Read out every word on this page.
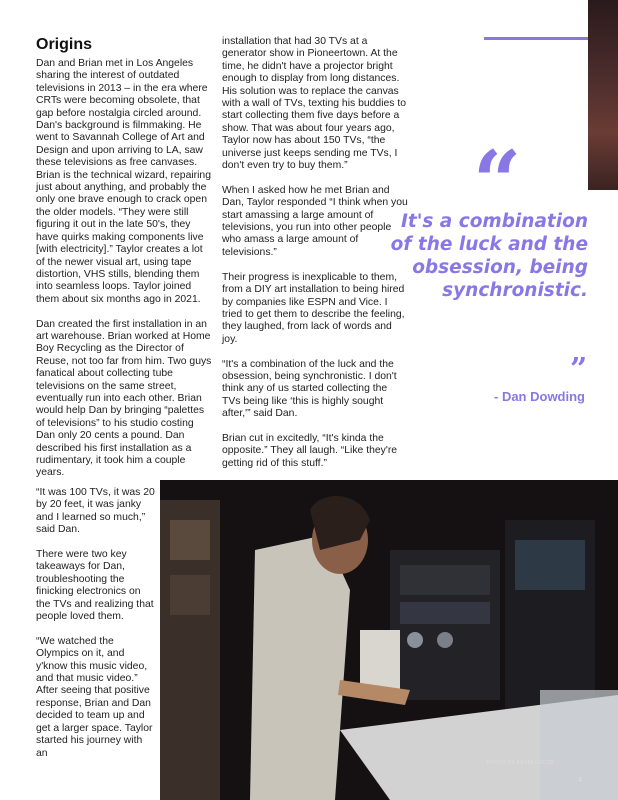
Origins

Dan and Brian met in Los Angeles sharing the interest of outdated televisions in 2013 – in the era where CRTs were becoming obsolete, that gap before nostalgia circled around. Dan's background is filmmaking. He went to Savannah College of Art and Design and upon arriving to LA, saw these televisions as free canvases. Brian is the technical wizard, repairing just about anything, and probably the only one brave enough to crack open the older models. “They were still figuring it out in the late 50's, they have quirks making components live [with electricity].” Taylor creates a lot of the newer visual art, using tape distortion, VHS stills, blending them into seamless loops. Taylor joined them about six months ago in 2021.

Dan created the first installation in an art warehouse. Brian worked at Home Boy Recycling as the Director of Reuse, not too far from him. Two guys fanatical about collecting tube televisions on the same street, eventually run into each other. Brian would help Dan by bringing “palettes of televisions” to his studio costing Dan only 20 cents a pound. Dan described his first installation as a rudimentary, it took him a couple years.

“It was 100 TVs, it was 20 by 20 feet, it was janky and I learned so much,” said Dan.

There were two key takeaways for Dan, troubleshooting the finicking electronics on the TVs and realizing that people loved them.

“We watched the Olympics on it, and y'know this music video, and that music video.” After seeing that positive response, Brian and Dan decided to team up and get a larger space. Taylor started his journey with an

installation that had 30 TVs at a generator show in Pioneertown. At the time, he didn't have a projector bright enough to display from long distances. His solution was to replace the canvas with a wall of TVs, texting his buddies to start collecting them five days before a show. That was about four years ago, Taylor now has about 150 TVs, “the universe just keeps sending me TVs, I don't even try to buy them.”

When I asked how he met Brian and Dan, Taylor responded “I think when you start amassing a large amount of televisions, you run into other people who amass a large amount of televisions.”

Their progress is inexplicable to them, from a DIY art installation to being hired by companies like ESPN and Vice. I tried to get them to describe the feeling, they laughed, from lack of words and joy.

“It's a combination of the luck and the obsession, being synchronistic. I don't think any of us started collecting the TVs being like ‘this is highly sought after,'” said Dan.

Brian cut in excitedly, “It's kinda the opposite.” They all laugh. “Like they're getting rid of this stuff.”

“
It's a combination of the luck and the obsession, being synchronistic.
”
- Dan Dowding
PHOTO BY KEVIN FOCUS
4
